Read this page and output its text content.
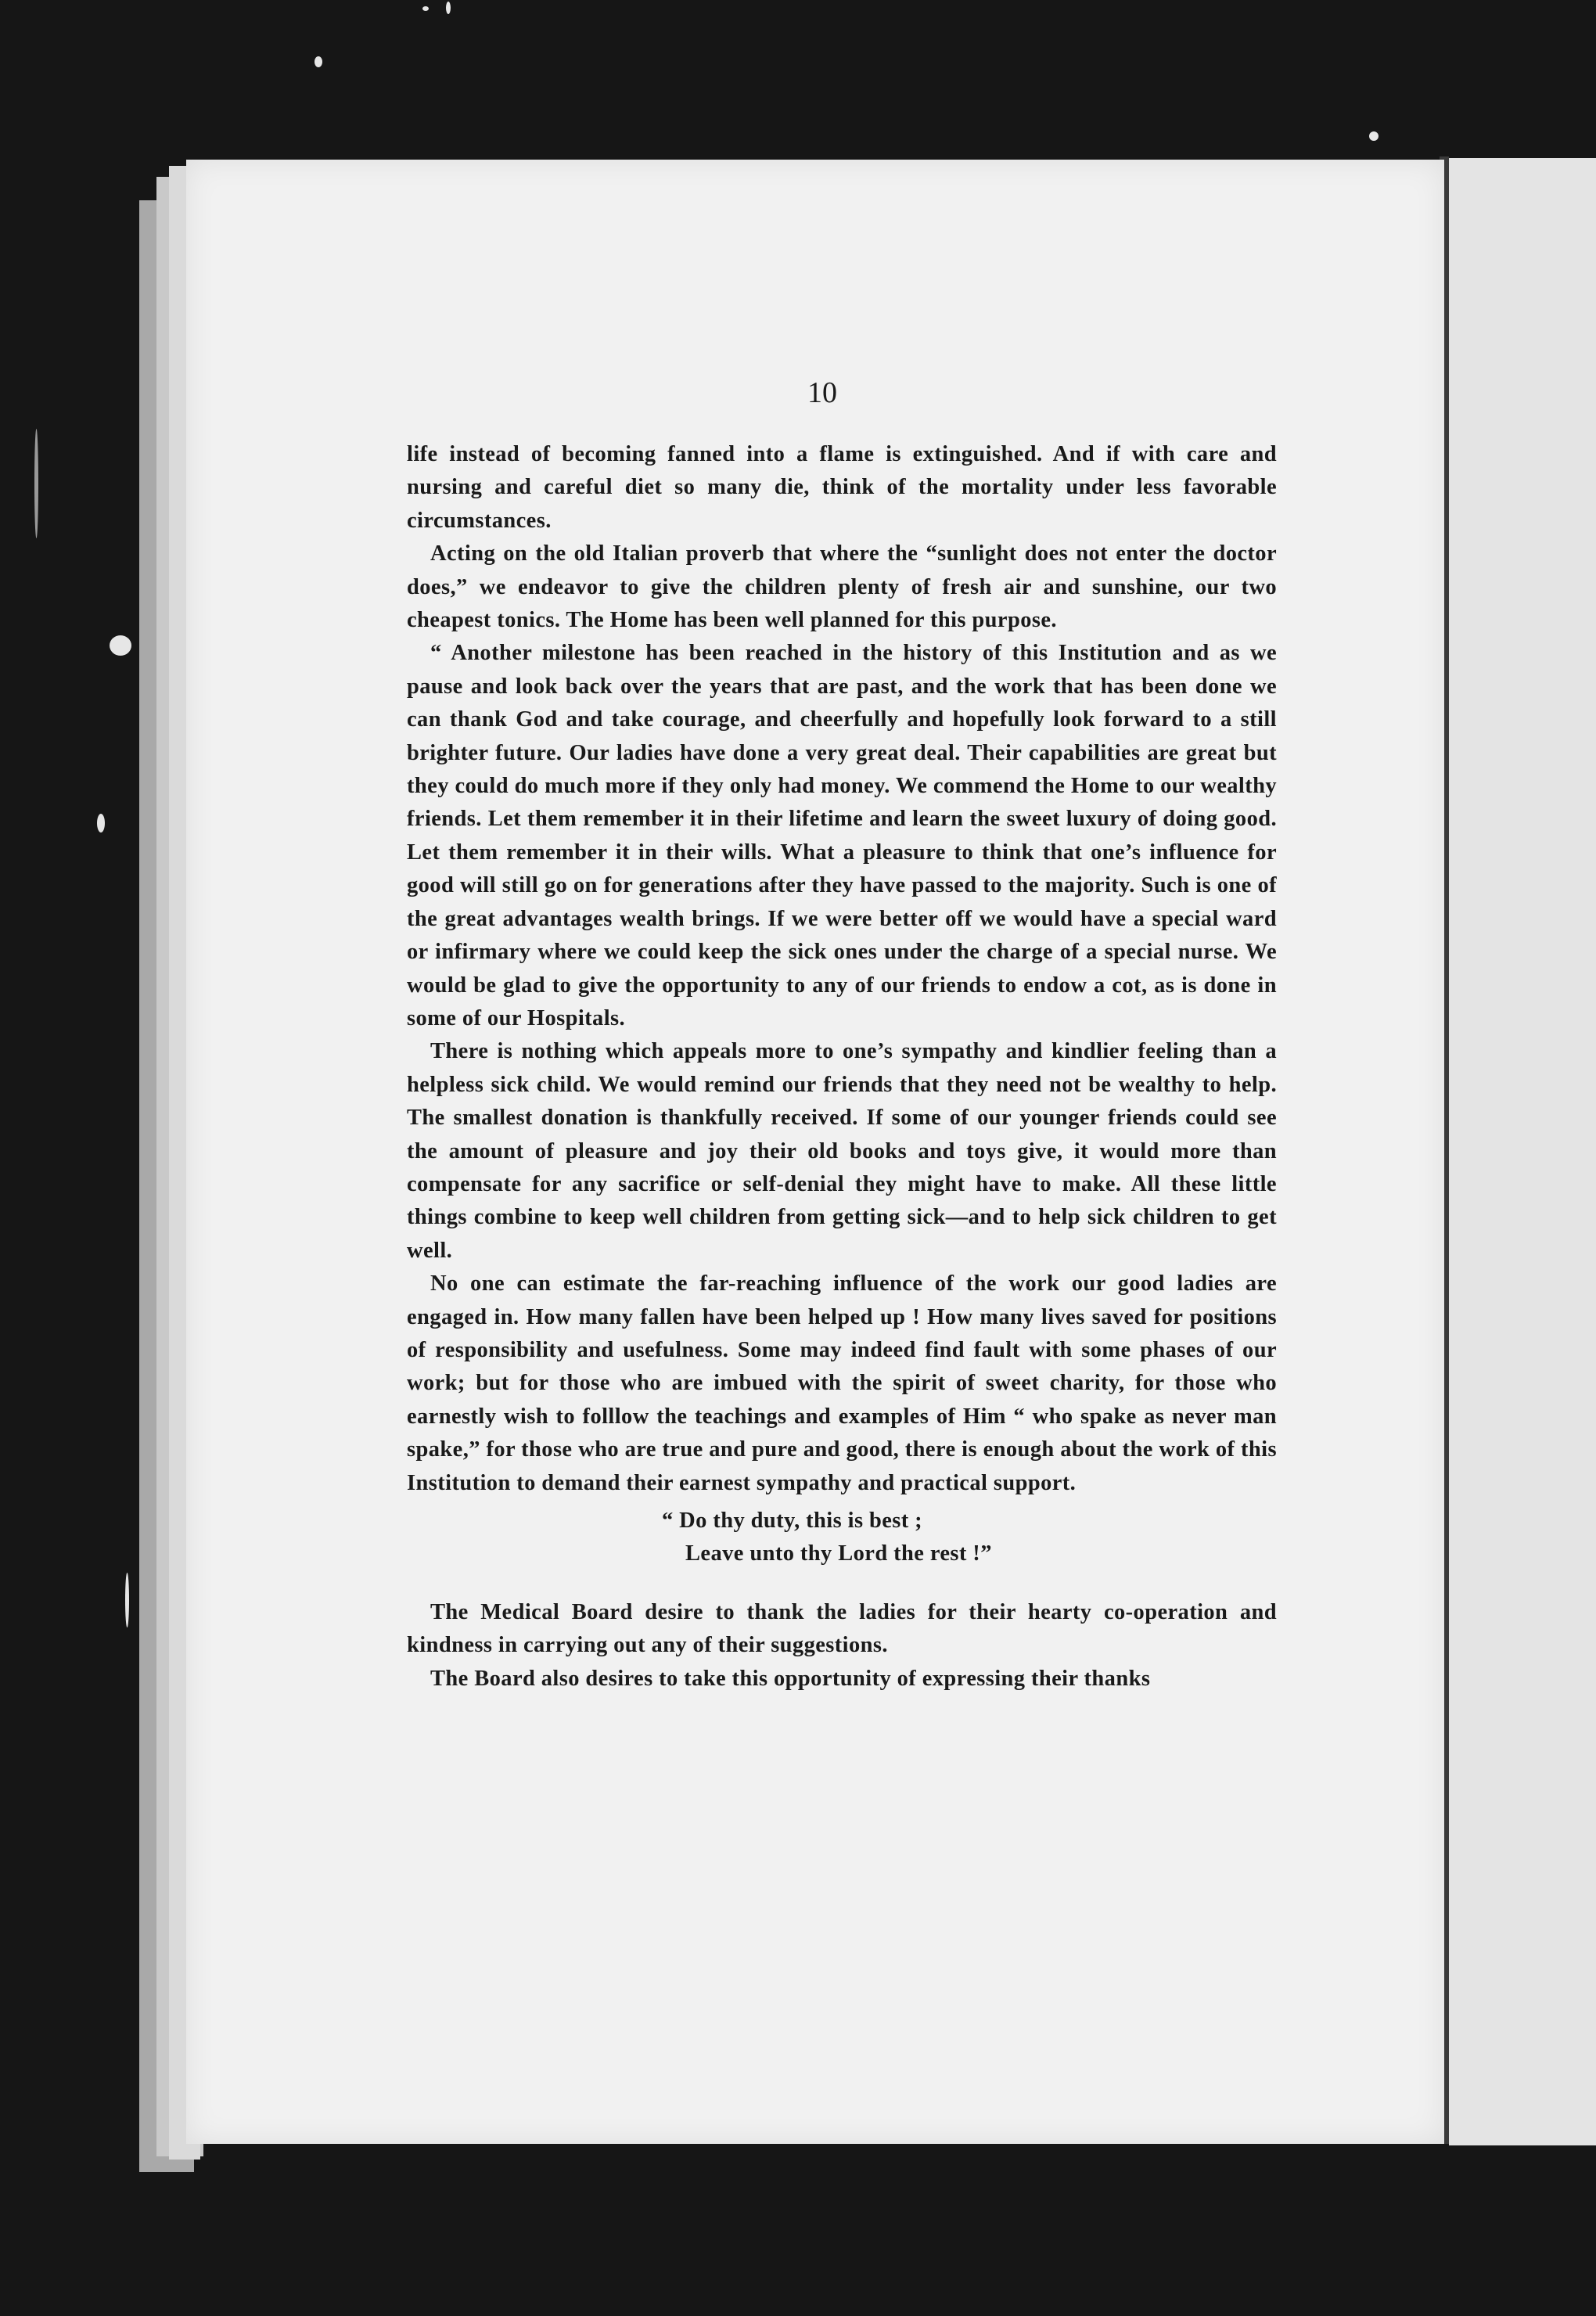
10

life instead of becoming fanned into a flame is extinguished. And if with care and nursing and careful diet so many die, think of the mortality under less favorable circumstances.

Acting on the old Italian proverb that where the “sunlight does not enter the doctor does,” we endeavor to give the children plenty of fresh air and sunshine, our two cheapest tonics. The Home has been well planned for this purpose.

“ Another milestone has been reached in the history of this Institution and as we pause and look back over the years that are past, and the work that has been done we can thank God and take courage, and cheerfully and hopefully look forward to a still brighter future. Our ladies have done a very great deal. Their capabilities are great but they could do much more if they only had money. We commend the Home to our wealthy friends. Let them remember it in their lifetime and learn the sweet luxury of doing good. Let them remember it in their wills. What a pleasure to think that one’s influence for good will still go on for generations after they have passed to the majority. Such is one of the great advantages wealth brings. If we were better off we would have a special ward or infirmary where we could keep the sick ones under the charge of a special nurse. We would be glad to give the opportunity to any of our friends to endow a cot, as is done in some of our Hospitals.

There is nothing which appeals more to one’s sympathy and kindlier feeling than a helpless sick child. We would remind our friends that they need not be wealthy to help. The smallest donation is thankfully received. If some of our younger friends could see the amount of pleasure and joy their old books and toys give, it would more than compensate for any sacrifice or self-denial they might have to make. All these little things combine to keep well children from getting sick—and to help sick children to get well.

No one can estimate the far-reaching influence of the work our good ladies are engaged in. How many fallen have been helped up ! How many lives saved for positions of responsibility and usefulness. Some may indeed find fault with some phases of our work; but for those who are imbued with the spirit of sweet charity, for those who earnestly wish to folllow the teachings and examples of Him “ who spake as never man spake,” for those who are true and pure and good, there is enough about the work of this Institution to demand their earnest sympathy and practical support.

“ Do thy duty, this is best ;
Leave unto thy Lord the rest !”

The Medical Board desire to thank the ladies for their hearty co-operation and kindness in carrying out any of their suggestions.

The Board also desires to take this opportunity of expressing their thanks
